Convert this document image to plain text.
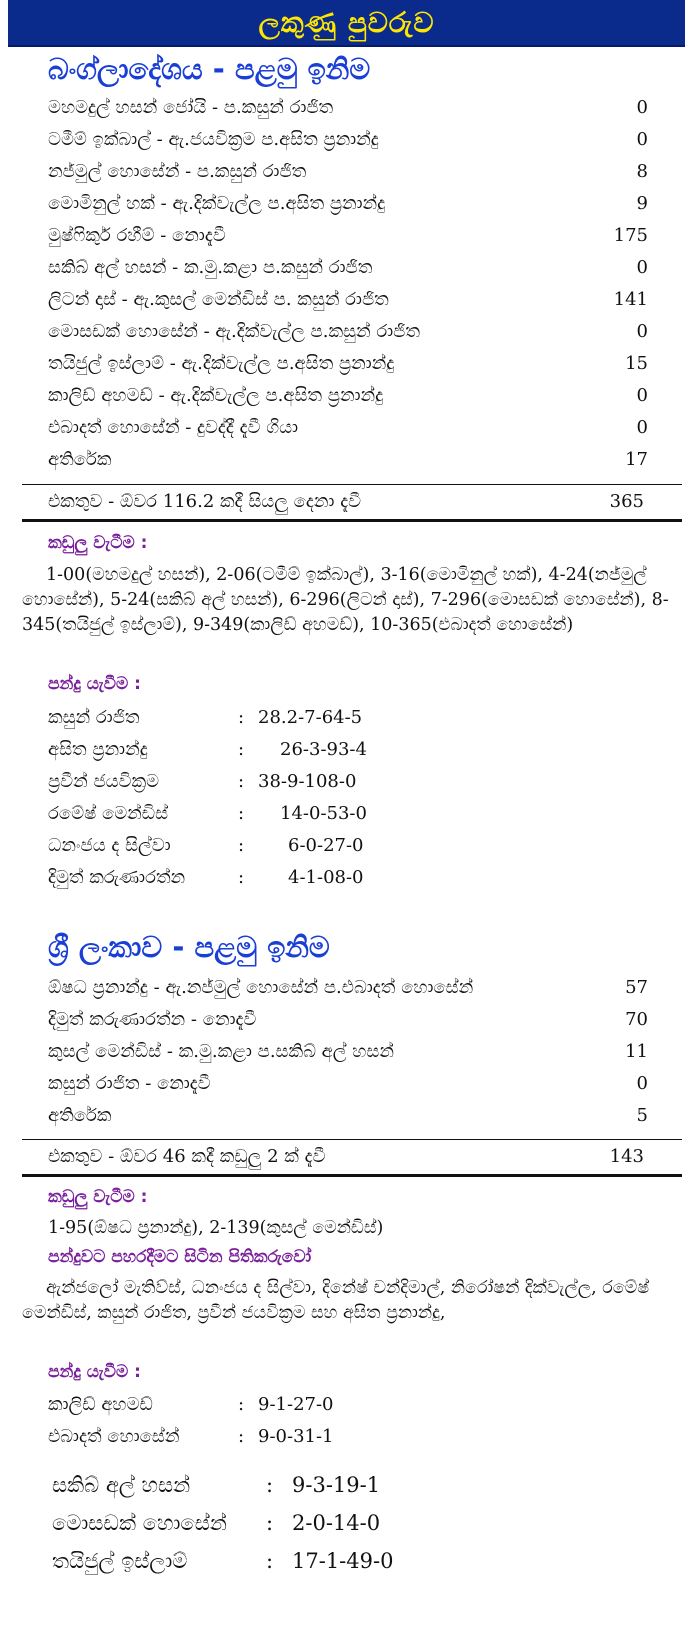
ලකුණු පුවරුව
බංග්ලාදේශය - පළමු ඉනිම
මහමදුල් හසන් ජෝයි - ප.කසුන් රාජිත	0
ටමීම් ඉක්බාල් - ඇ.ජයවික්‍රම ප.අසිත ප්‍රනාන්දු	0
නජ්මුල් හොසේන් - ප.කසුන් රාජිත	8
මොමිනුල් හක් - ඇ.දික්වැල්ල ප.අසිත ප්‍රනාන්දු	9
මුෂ්ෆිකුර් රහීම් - නොදැවී	175
සකිබ් අල් හසන් - ක.මු.කළා ප.කසුන් රාජිත	0
ලිටන් දාස් - ඇ.කුසල් මෙන්ඩිස් ප. කසුන් රාජිත	141
මොසඩක් හොසේන් - ඇ.දික්වැල්ල ප.කසුන් රාජිත	0
තයිජුල් ඉස්ලාම් - ඇ.දික්වැල්ල ප.අසිත ප්‍රනාන්දු	15
කාලිඩ් අහමඩ් - ඇ.දික්වැල්ල ප.අසිත ප්‍රනාන්දු	0
එබාදත් හොසේන් - දුවද්දී දැවී ගියා	0
අතිරේක	17
එකතුව - ඕවර 116.2 කදී සියලු දෙනා දැවී	365
කඩුලු වැටීම :
1-00(මහමදුල් හසන්), 2-06(ටමීම් ඉක්බාල්), 3-16(මොමිනුල් හක්), 4-24(නජ්මුල් හොසේන්), 5-24(සකිබ් අල් හසන්), 6-296(ලිටන් දාස්), 7-296(මොසඩක් හොසේන්), 8-345(තයිජුල් ඉස්ලාම්), 9-349(කාලිඩ් අහමඩ්), 10-365(එබාදත් හොසේන්)
පන්දු යැවීම :
කසුන් රාජිත	: 28.2-7-64-5
අසිත ප්‍රනාන්දු	: 26-3-93-4
ප්‍රවීන් ජයවික්‍රම	: 38-9-108-0
රමේෂ් මෙන්ඩිස්	: 14-0-53-0
ධනංජය ද සිල්වා	: 6-0-27-0
දිමුත් කරුණාරත්න	: 4-1-08-0
ශ්‍රී ලංකාව - පළමු ඉනිම
ඕෂධ ප්‍රනාන්දු - ඇ.නජ්මුල් හොසේන් ප.එබාදත් හොසේන්	57
දිමුත් කරුණාරත්න - නොදැවී	70
කුසල් මෙන්ඩිස් - ක.මු.කළා ප.සකිබ් අල් හසන්	11
කසුන් රාජිත - නොදැවී	0
අතිරේක	5
එකතුව - ඕවර 46 කදී කඩුලු 2 ක් දැවී	143
කඩුලු වැටීම :
1-95(ඕෂධ ප්‍රනාන්දු), 2-139(කුසල් මෙන්ඩිස්)
පන්දුවට පහරදීමට සිටින පිතිකරුවෝ
ඇන්ජලෝ මැතිව්ස්, ධනංජය ද සිල්වා, දිනේෂ් චන්දිමාල්, නිරෝෂන් දික්වැල්ල, රමේෂ් මෙන්ඩිස්, කසුන් රාජිත, ප්‍රවීන් ජයවික්‍රම සහ අසිත ප්‍රනාන්දු,
පන්දු යැවීම :
කාලිඩ් අහමඩ්	: 9-1-27-0
එබාදත් හොසේන්	: 9-0-31-1
සකිබ් අල් හසන්	: 9-3-19-1
මොසඩක් හොසේන් : 2-0-14-0
තයිජුල් ඉස්ලාම්	: 17-1-49-0
